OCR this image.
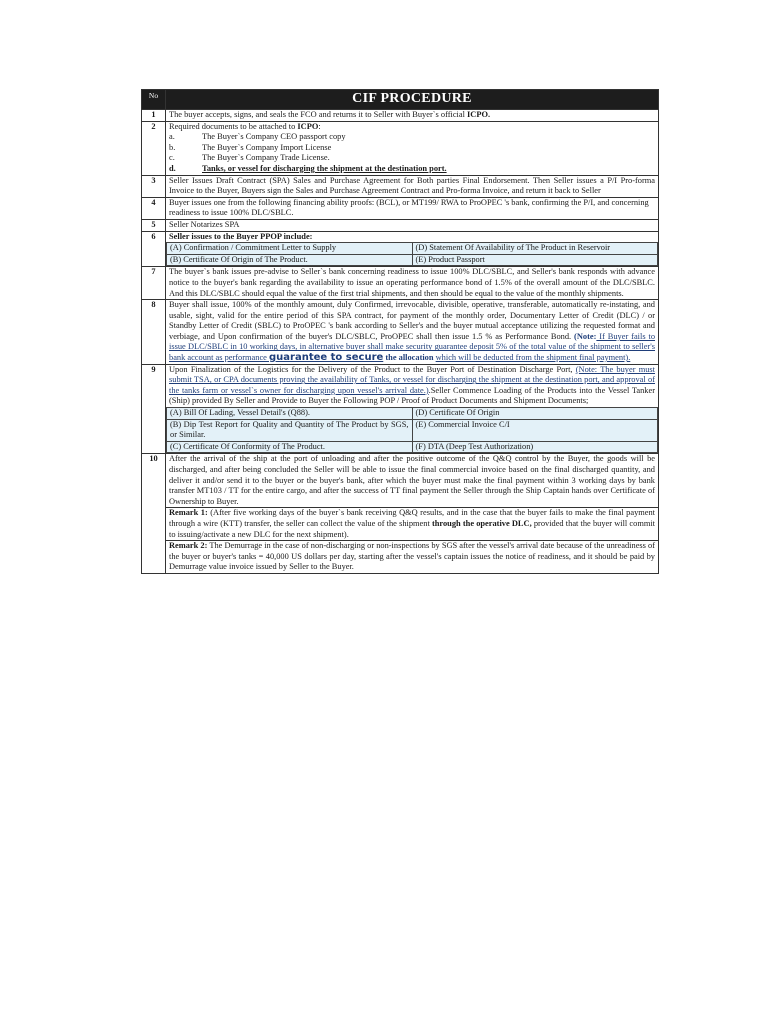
No	CIF PROCEDURE
1	The buyer accepts, signs, and seals the FCO and returns it to Seller with Buyer`s official ICPO.
2	Required documents to be attached to ICPO:
a.	The Buyer`s Company CEO passport copy
b.	The Buyer`s Company Import License
c.	The Buyer`s Company Trade License.
d.	Tanks, or vessel for discharging the shipment at the destination port.

3	Seller Issues Draft Contract (SPA) Sales and Purchase Agreement for Both parties Final Endorsement. Then Seller issues a P/I Pro-forma Invoice to the Buyer, Buyers sign the Sales and Purchase Agreement Contract and Pro-forma Invoice, and return it back to Seller
4	Buyer issues one from the following financing ability proofs: (BCL), or MT199/ RWA to ProOPEC 's bank, confirming the P/I, and concerning readiness to issue 100% DLC/SBLC.
5	Seller Notarizes SPA
6	Seller issues to the Buyer PPOP include:
(A) Confirmation / Commitment Letter to Supply	(D) Statement Of Availability of The Product in Reservoir
(B) Certificate Of Origin of The Product.	(E) Product Passport

7	The buyer`s bank issues pre-advise to Seller`s bank concerning readiness to issue 100% DLC/SBLC, and Seller's bank responds with advance notice to the buyer's bank regarding the availability to issue an operating performance bond of 1.5% of the overall amount of the DLC/SBLC. And this DLC/SBLC should equal the value of the first trial shipments, and then should be equal to the value of the monthly shipments.
8	Buyer shall issue, 100% of the monthly amount, duly Confirmed, irrevocable, divisible, operative, transferable, automatically re-instating, and usable, sight, valid for the entire period of this SPA contract, for payment of the monthly order, Documentary Letter of Credit (DLC) / or Standby Letter of Credit (SBLC) to ProOPEC 's bank according to Seller's and the buyer mutual acceptance utilizing the requested format and verbiage, and Upon confirmation of the buyer's DLC/SBLC, ProOPEC shall then issue 1.5 % as Performance Bond. (Note: If Buyer fails to issue DLC/SBLC in 10 working days, in alternative buyer shall make security guarantee deposit 5% of the total value of the shipment to seller's bank account as performance guarantee to secure the allocation which will be deducted from the shipment final payment).
9	Upon Finalization of the Logistics for the Delivery of the Product to the Buyer Port of Destination Discharge Port, (Note: The buyer must submit TSA, or CPA documents proving the availability of Tanks, or vessel for discharging the shipment at the destination port, and approval of the tanks farm or vessel`s owner for discharging upon vessel's arrival date.).Seller Commence Loading of the Products into the Vessel Tanker (Ship) provided By Seller and Provide to Buyer the Following POP / Proof of Product Documents and Shipment Documents;
(A) Bill Of Lading, Vessel Detail's (Q88).	(D) Certificate Of Origin
(B) Dip Test Report for Quality and Quantity of The Product by SGS, or Similar.	(E) Commercial Invoice C/I
(C) Certificate Of Conformity of The Product.	(F) DTA (Deep Test Authorization)

10	After the arrival of the ship at the port of unloading and after the positive outcome of the Q&Q control by the Buyer, the goods will be discharged, and after being concluded the Seller will be able to issue the final commercial invoice based on the final discharged quantity, and deliver it and/or send it to the buyer or the buyer's bank, after which the buyer must make the final payment within 3 working days by bank transfer MT103 / TT for the entire cargo, and after the success of TT final payment the Seller through the Ship Captain hands over Certificate of Ownership to Buyer.
Remark 1: (After five working days of the buyer`s bank receiving Q&Q results, and in the case that the buyer fails to make the final payment through a wire (KTT) transfer, the seller can collect the value of the shipment through the operative DLC, provided that the buyer will commit to issuing/activate a new DLC for the next shipment).
Remark 2: The Demurrage in the case of non-discharging or non-inspections by SGS after the vessel's arrival date because of the unreadiness of the buyer or buyer's tanks = 40,000 US dollars per day, starting after the vessel's captain issues the notice of readiness, and it should be paid by Demurrage value invoice issued by Seller to the Buyer.
